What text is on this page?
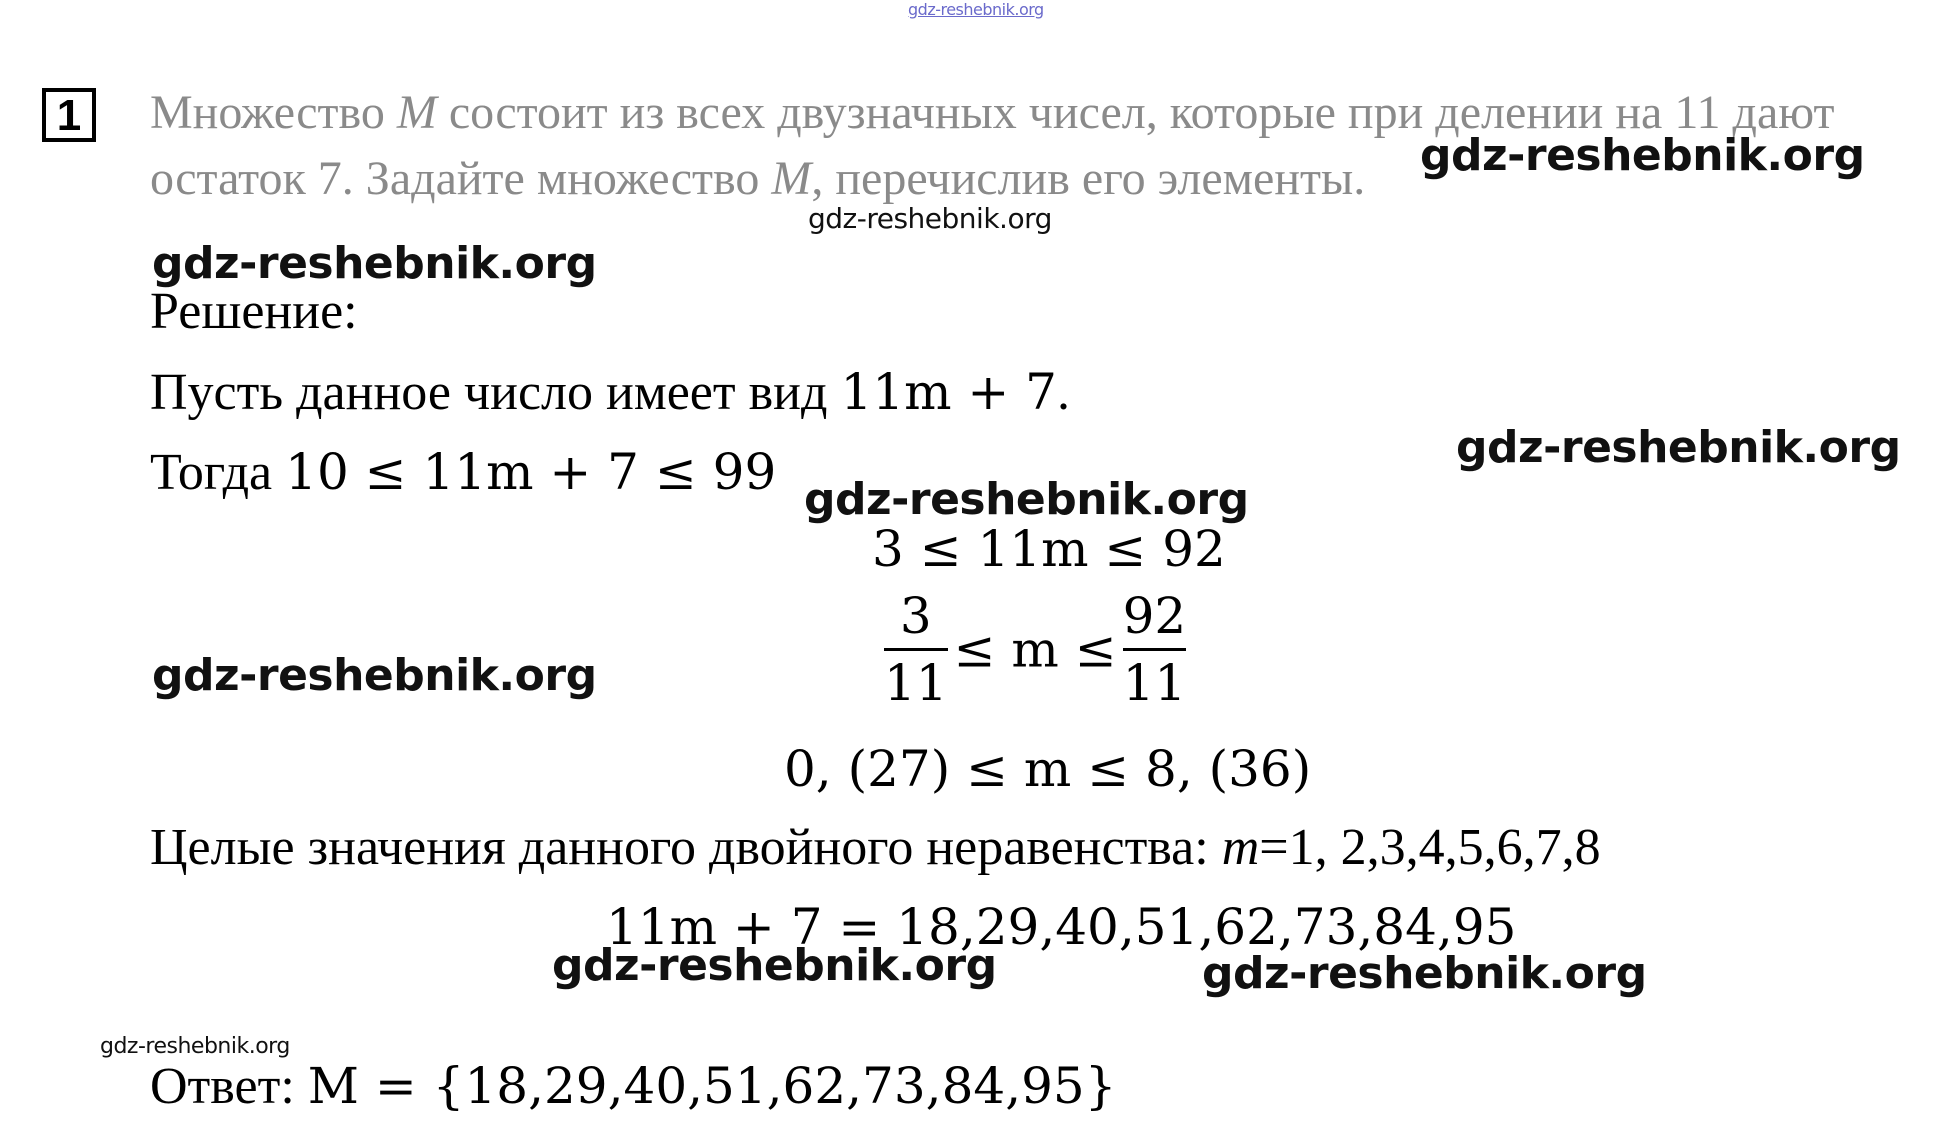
gdz-reshebnik.org
1	Множество M состоит из всех двузначных чисел, которые при делении на 11 дают
остаток 7. Задайте множество M, перечислив его элементы.
Решение:
Пусть данное число имеет вид 11m + 7.
Тогда 10 ≤ 11m + 7 ≤ 99
3 ≤ 11m ≤ 92
$\frac{3}{11} \le m \le \frac{92}{11}$
0, (27) ≤ m ≤ 8, (36)
Целые значения данного двойного неравенства: m=1, 2,3,4,5,6,7,8
11m + 7 = 18,29,40,51,62,73,84,95
Ответ: M = {18,29,40,51,62,73,84,95}
gdz-reshebnik.org
gdz-reshebnik.org
gdz-reshebnik.org
gdz-reshebnik.org
gdz-reshebnik.org
gdz-reshebnik.org
gdz-reshebnik.org	gdz-reshebnik.org
gdz-reshebnik.org
